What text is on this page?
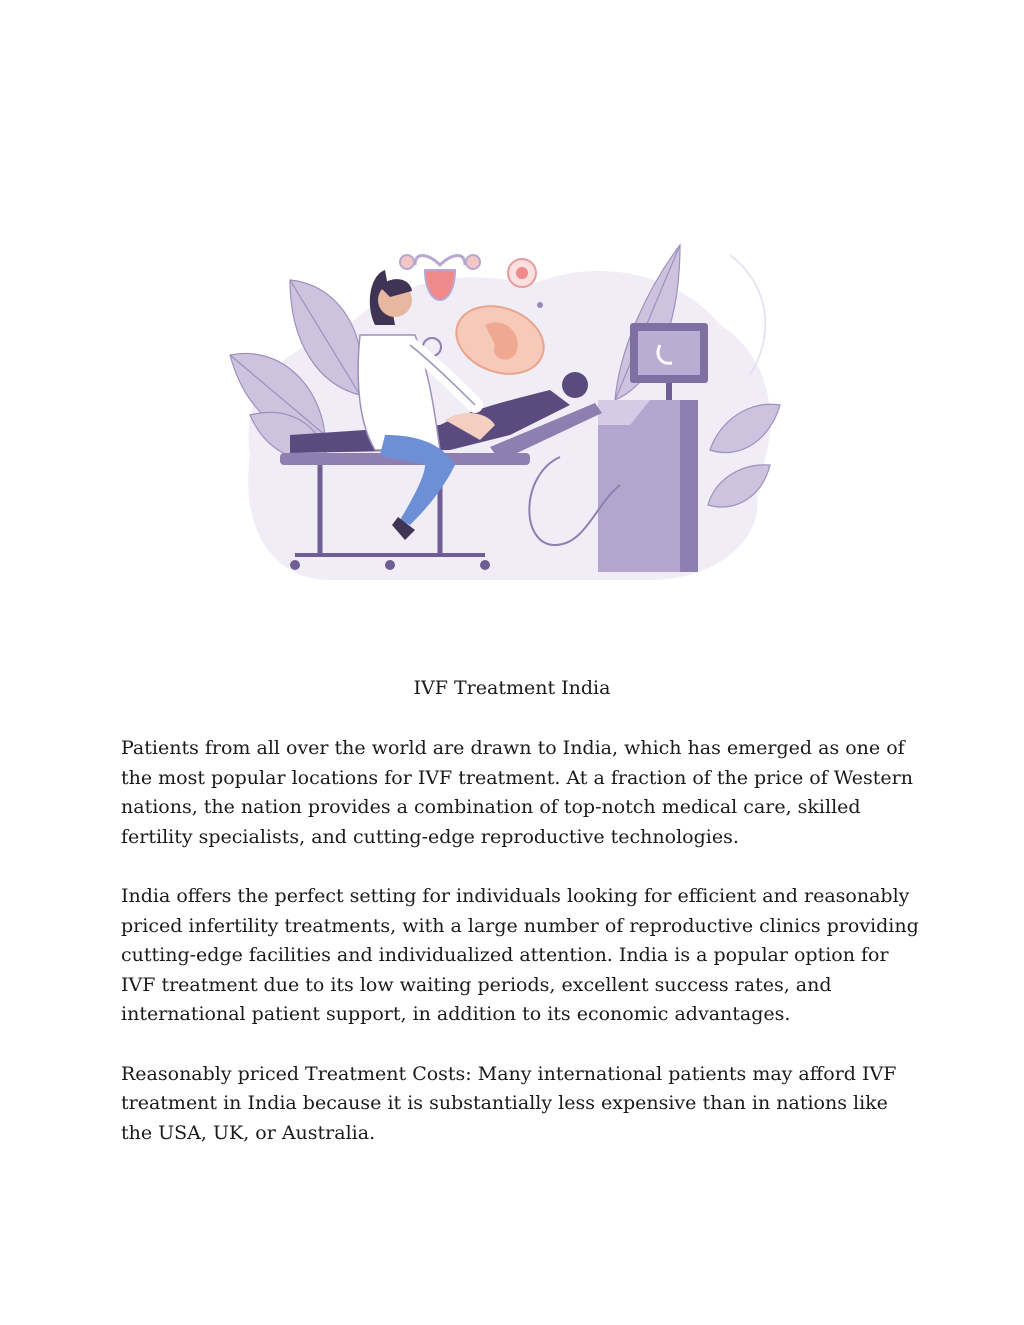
IVF Treatment India

Patients from all over the world are drawn to India, which has emerged as one of the most popular locations for IVF treatment. At a fraction of the price of Western nations, the nation provides a combination of top-notch medical care, skilled fertility specialists, and cutting-edge reproductive technologies.

India offers the perfect setting for individuals looking for efficient and reasonably priced infertility treatments, with a large number of reproductive clinics providing cutting-edge facilities and individualized attention. India is a popular option for IVF treatment due to its low waiting periods, excellent success rates, and international patient support, in addition to its economic advantages.

Reasonably priced Treatment Costs: Many international patients may afford IVF treatment in India because it is substantially less expensive than in nations like the USA, UK, or Australia.
